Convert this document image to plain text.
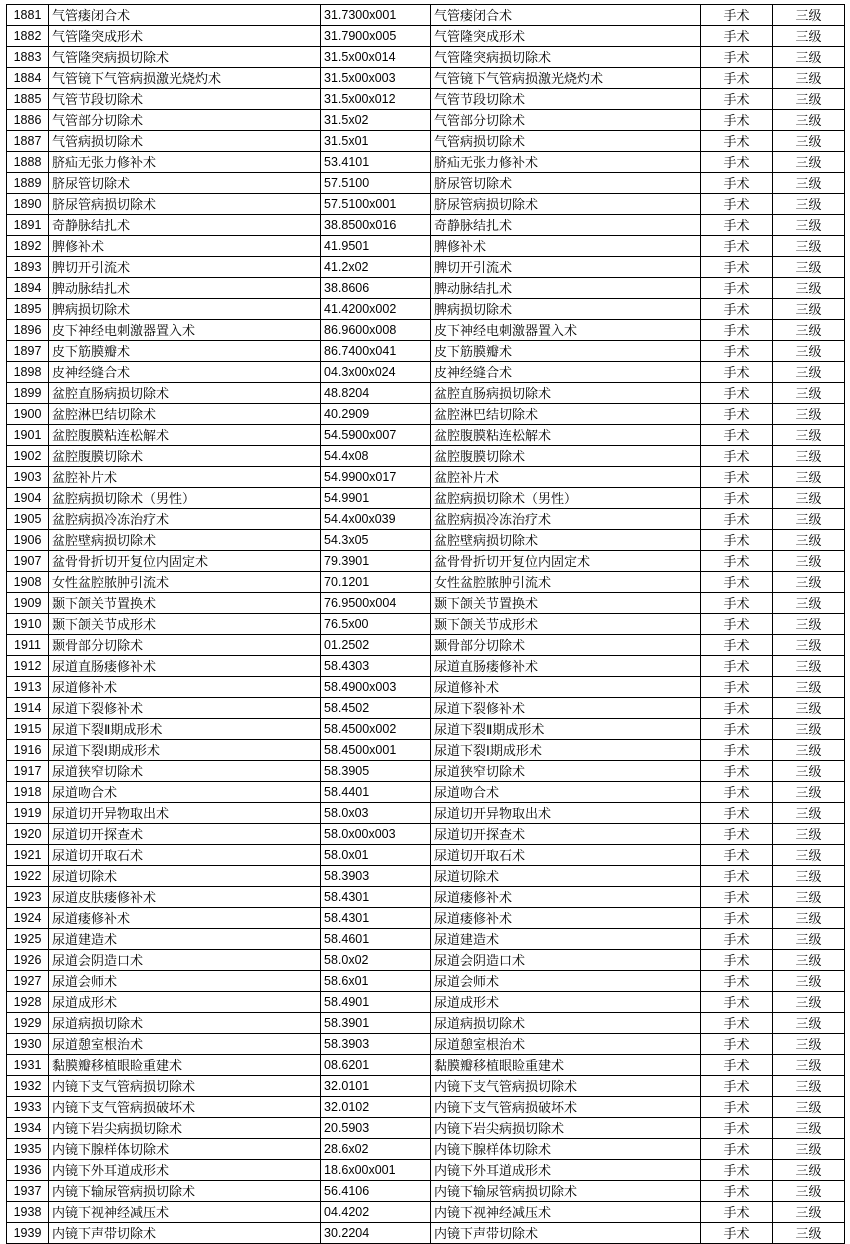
1881	气管瘘闭合术	31.7300x001	气管瘘闭合术	手术	三级
1882	气管隆突成形术	31.7900x005	气管隆突成形术	手术	三级
1883	气管隆突病损切除术	31.5x00x014	气管隆突病损切除术	手术	三级
1884	气管镜下气管病损激光烧灼术	31.5x00x003	气管镜下气管病损激光烧灼术	手术	三级
1885	气管节段切除术	31.5x00x012	气管节段切除术	手术	三级
1886	气管部分切除术	31.5x02	气管部分切除术	手术	三级
1887	气管病损切除术	31.5x01	气管病损切除术	手术	三级
1888	脐疝无张力修补术	53.4101	脐疝无张力修补术	手术	三级
1889	脐尿管切除术	57.5100	脐尿管切除术	手术	三级
1890	脐尿管病损切除术	57.5100x001	脐尿管病损切除术	手术	三级
1891	奇静脉结扎术	38.8500x016	奇静脉结扎术	手术	三级
1892	脾修补术	41.9501	脾修补术	手术	三级
1893	脾切开引流术	41.2x02	脾切开引流术	手术	三级
1894	脾动脉结扎术	38.8606	脾动脉结扎术	手术	三级
1895	脾病损切除术	41.4200x002	脾病损切除术	手术	三级
1896	皮下神经电刺激器置入术	86.9600x008	皮下神经电刺激器置入术	手术	三级
1897	皮下筋膜瓣术	86.7400x041	皮下筋膜瓣术	手术	三级
1898	皮神经缝合术	04.3x00x024	皮神经缝合术	手术	三级
1899	盆腔直肠病损切除术	48.8204	盆腔直肠病损切除术	手术	三级
1900	盆腔淋巴结切除术	40.2909	盆腔淋巴结切除术	手术	三级
1901	盆腔腹膜粘连松解术	54.5900x007	盆腔腹膜粘连松解术	手术	三级
1902	盆腔腹膜切除术	54.4x08	盆腔腹膜切除术	手术	三级
1903	盆腔补片术	54.9900x017	盆腔补片术	手术	三级
1904	盆腔病损切除术（男性）	54.9901	盆腔病损切除术（男性）	手术	三级
1905	盆腔病损冷冻治疗术	54.4x00x039	盆腔病损冷冻治疗术	手术	三级
1906	盆腔壁病损切除术	54.3x05	盆腔壁病损切除术	手术	三级
1907	盆骨骨折切开复位内固定术	79.3901	盆骨骨折切开复位内固定术	手术	三级
1908	女性盆腔脓肿引流术	70.1201	女性盆腔脓肿引流术	手术	三级
1909	颞下颌关节置换术	76.9500x004	颞下颌关节置换术	手术	三级
1910	颞下颌关节成形术	76.5x00	颞下颌关节成形术	手术	三级
1911	颞骨部分切除术	01.2502	颞骨部分切除术	手术	三级
1912	尿道直肠瘘修补术	58.4303	尿道直肠瘘修补术	手术	三级
1913	尿道修补术	58.4900x003	尿道修补术	手术	三级
1914	尿道下裂修补术	58.4502	尿道下裂修补术	手术	三级
1915	尿道下裂Ⅱ期成形术	58.4500x002	尿道下裂Ⅱ期成形术	手术	三级
1916	尿道下裂Ⅰ期成形术	58.4500x001	尿道下裂Ⅰ期成形术	手术	三级
1917	尿道狭窄切除术	58.3905	尿道狭窄切除术	手术	三级
1918	尿道吻合术	58.4401	尿道吻合术	手术	三级
1919	尿道切开异物取出术	58.0x03	尿道切开异物取出术	手术	三级
1920	尿道切开探查术	58.0x00x003	尿道切开探查术	手术	三级
1921	尿道切开取石术	58.0x01	尿道切开取石术	手术	三级
1922	尿道切除术	58.3903	尿道切除术	手术	三级
1923	尿道皮肤瘘修补术	58.4301	尿道瘘修补术	手术	三级
1924	尿道瘘修补术	58.4301	尿道瘘修补术	手术	三级
1925	尿道建造术	58.4601	尿道建造术	手术	三级
1926	尿道会阴造口术	58.0x02	尿道会阴造口术	手术	三级
1927	尿道会师术	58.6x01	尿道会师术	手术	三级
1928	尿道成形术	58.4901	尿道成形术	手术	三级
1929	尿道病损切除术	58.3901	尿道病损切除术	手术	三级
1930	尿道憩室根治术	58.3903	尿道憩室根治术	手术	三级
1931	黏膜瓣移植眼睑重建术	08.6201	黏膜瓣移植眼睑重建术	手术	三级
1932	内镜下支气管病损切除术	32.0101	内镜下支气管病损切除术	手术	三级
1933	内镜下支气管病损破坏术	32.0102	内镜下支气管病损破坏术	手术	三级
1934	内镜下岩尖病损切除术	20.5903	内镜下岩尖病损切除术	手术	三级
1935	内镜下腺样体切除术	28.6x02	内镜下腺样体切除术	手术	三级
1936	内镜下外耳道成形术	18.6x00x001	内镜下外耳道成形术	手术	三级
1937	内镜下输尿管病损切除术	56.4106	内镜下输尿管病损切除术	手术	三级
1938	内镜下视神经减压术	04.4202	内镜下视神经减压术	手术	三级
1939	内镜下声带切除术	30.2204	内镜下声带切除术	手术	三级
